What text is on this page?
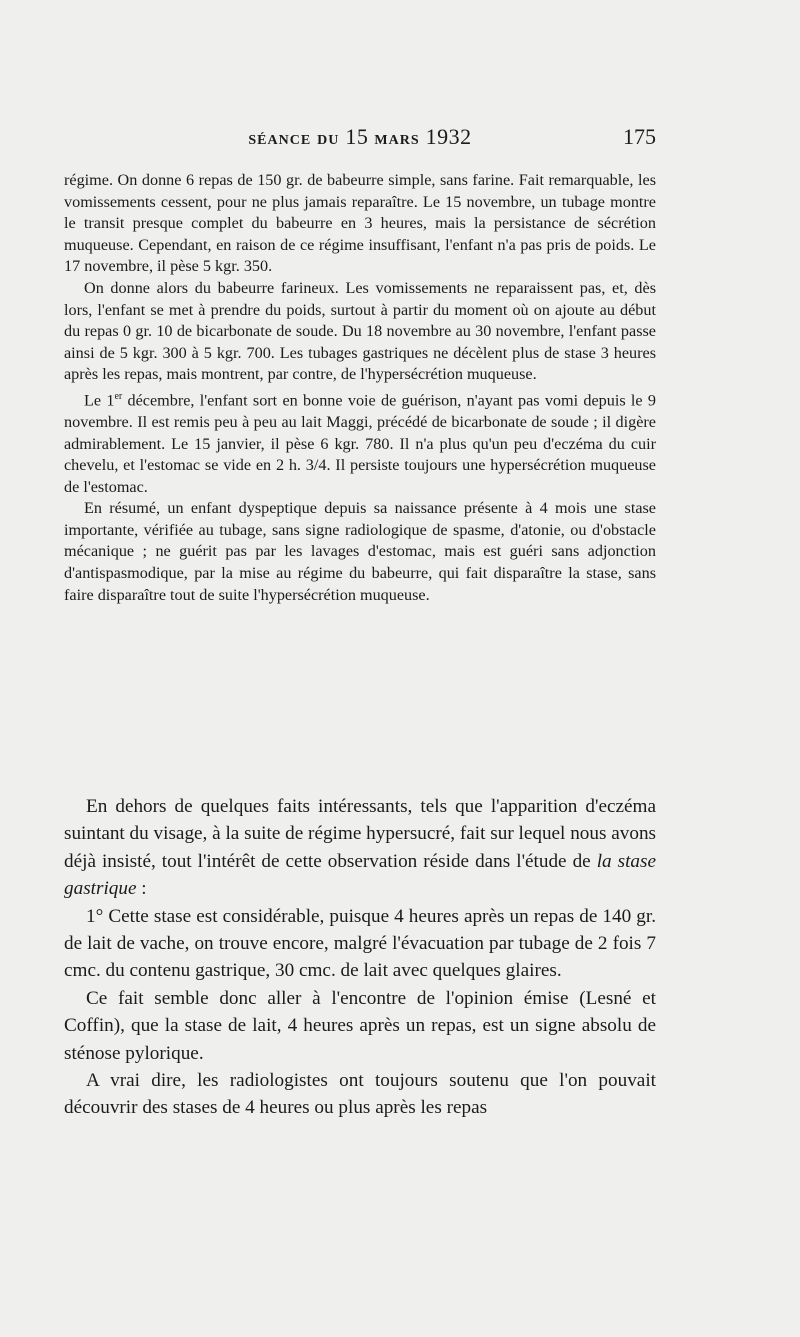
SÉANCE DU 15 MARS 1932	175

régime. On donne 6 repas de 150 gr. de babeurre simple, sans farine. Fait remarquable, les vomissements cessent, pour ne plus jamais reparaître. Le 15 novembre, un tubage montre le transit presque complet du babeurre en 3 heures, mais la persistance de sécrétion muqueuse. Cependant, en raison de ce régime insuffisant, l'enfant n'a pas pris de poids. Le 17 novembre, il pèse 5 kgr. 350.

On donne alors du babeurre farineux. Les vomissements ne reparaissent pas, et, dès lors, l'enfant se met à prendre du poids, surtout à partir du moment où on ajoute au début du repas 0 gr. 10 de bicarbonate de soude. Du 18 novembre au 30 novembre, l'enfant passe ainsi de 5 kgr. 300 à 5 kgr. 700. Les tubages gastriques ne décèlent plus de stase 3 heures après les repas, mais montrent, par contre, de l'hypersécrétion muqueuse.

Le 1er décembre, l'enfant sort en bonne voie de guérison, n'ayant pas vomi depuis le 9 novembre. Il est remis peu à peu au lait Maggi, précédé de bicarbonate de soude ; il digère admirablement. Le 15 janvier, il pèse 6 kgr. 780. Il n'a plus qu'un peu d'eczéma du cuir chevelu, et l'estomac se vide en 2 h. 3/4. Il persiste toujours une hypersécrétion muqueuse de l'estomac.

En résumé, un enfant dyspeptique depuis sa naissance présente à 4 mois une stase importante, vérifiée au tubage, sans signe radiologique de spasme, d'atonie, ou d'obstacle mécanique ; ne guérit pas par les lavages d'estomac, mais est guéri sans adjonction d'antispasmodique, par la mise au régime du babeurre, qui fait disparaître la stase, sans faire disparaître tout de suite l'hypersécrétion muqueuse.

En dehors de quelques faits intéressants, tels que l'apparition d'eczéma suintant du visage, à la suite de régime hypersucré, fait sur lequel nous avons déjà insisté, tout l'intérêt de cette observation réside dans l'étude de la stase gastrique :

1° Cette stase est considérable, puisque 4 heures après un repas de 140 gr. de lait de vache, on trouve encore, malgré l'évacuation par tubage de 2 fois 7 cmc. du contenu gastrique, 30 cmc. de lait avec quelques glaires.

Ce fait semble donc aller à l'encontre de l'opinion émise (Lesné et Coffin), que la stase de lait, 4 heures après un repas, est un signe absolu de sténose pylorique.

A vrai dire, les radiologistes ont toujours soutenu que l'on pouvait découvrir des stases de 4 heures ou plus après les repas
